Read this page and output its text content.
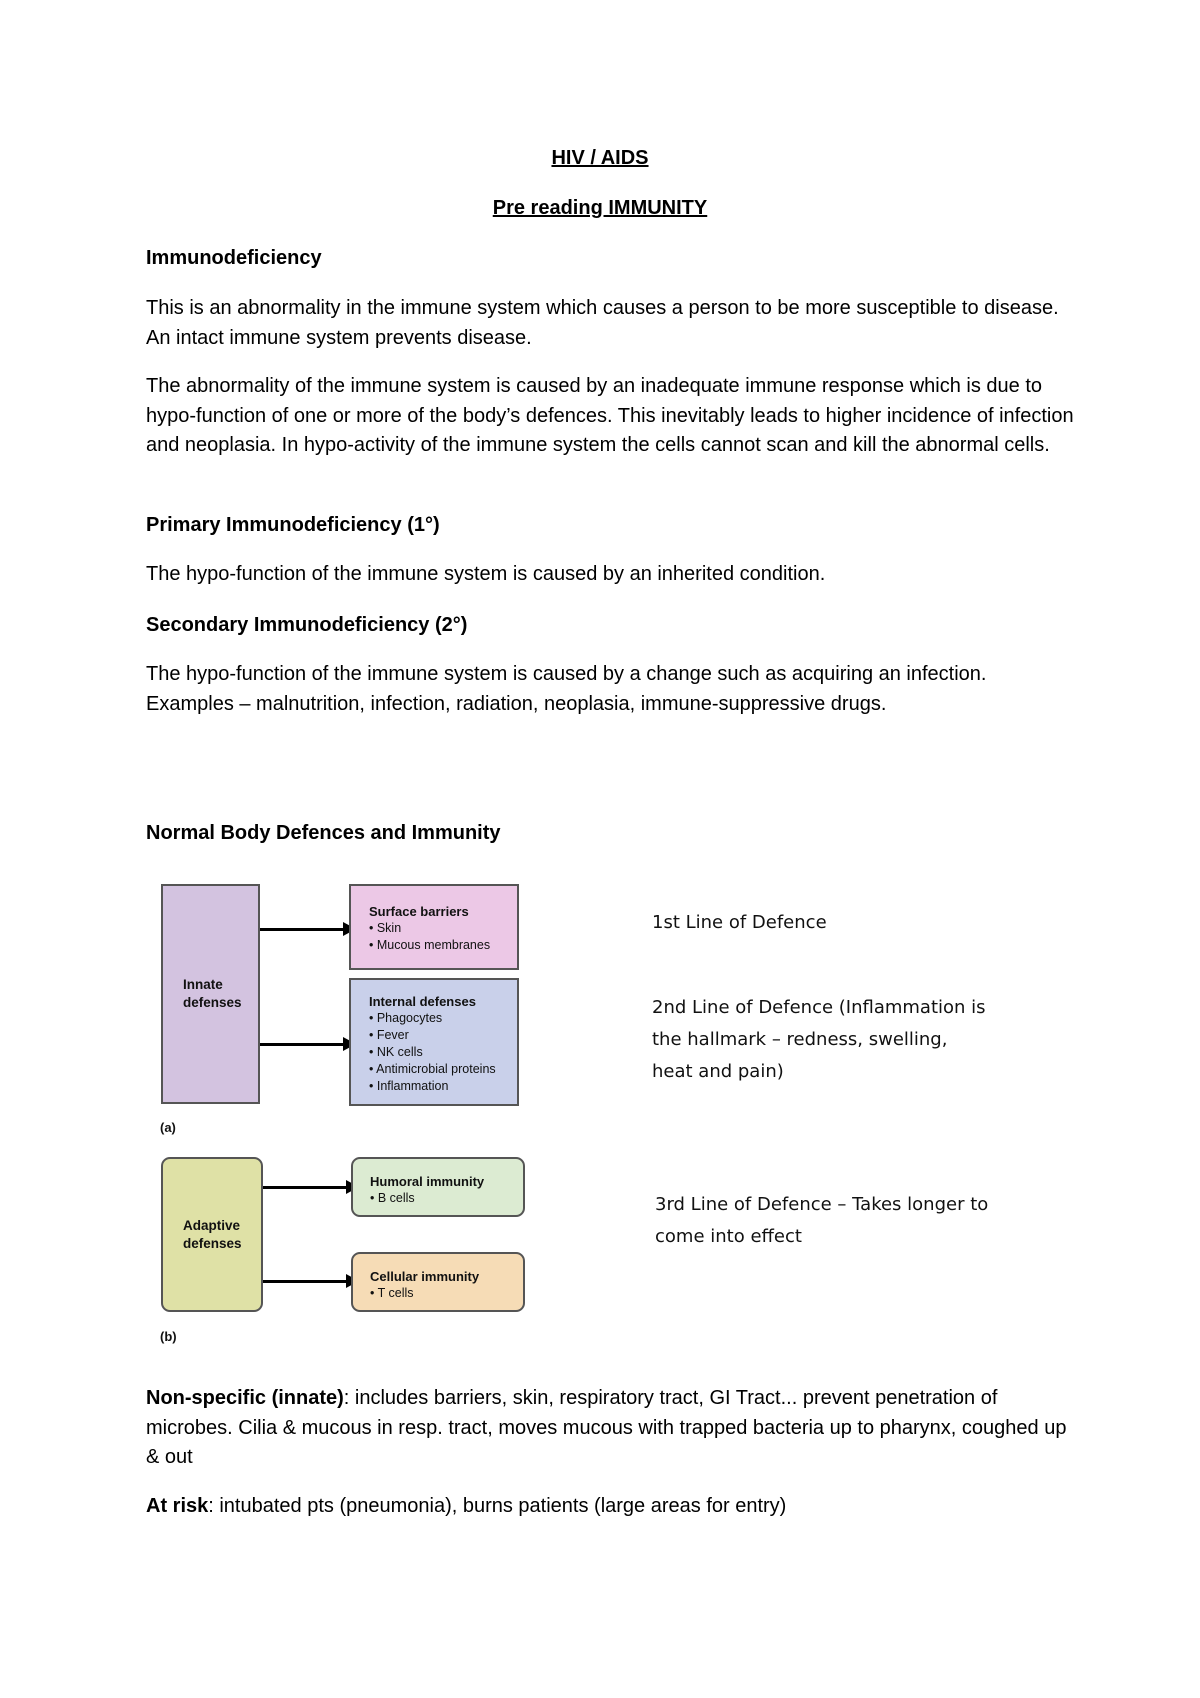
HIV / AIDS
Pre reading IMMUNITY
Immunodeficiency

This is an abnormality in the immune system which causes a person to be more susceptible to disease. An intact immune system prevents disease.

The abnormality of the immune system is caused by an inadequate immune response which is due to hypo-function of one or more of the body’s defences. This inevitably leads to higher incidence of infection and neoplasia. In hypo-activity of the immune system the cells cannot scan and kill the abnormal cells.

Primary Immunodeficiency (1°)

The hypo-function of the immune system is caused by an inherited condition.

Secondary Immunodeficiency (2°)

The hypo-function of the immune system is caused by a change such as acquiring an infection. Examples – malnutrition, infection, radiation, neoplasia, immune-suppressive drugs.

Normal Body Defences and Immunity
Innate
defenses
Surface barriers
• Skin
• Mucous membranes
Internal defenses
• Phagocytes
• Fever
• NK cells
• Antimicrobial proteins
• Inflammation
(a)
Adaptive
defenses
Humoral immunity
• B cells
Cellular immunity
• T cells
(b)
1st Line of Defence
2nd Line of Defence (Inflammation is
the hallmark – redness, swelling,
heat and pain)
3rd Line of Defence – Takes longer to
come into effect

Non-specific (innate): includes barriers, skin, respiratory tract, GI Tract... prevent penetration of microbes. Cilia & mucous in resp. tract, moves mucous with trapped bacteria up to pharynx, coughed up & out

At risk: intubated pts (pneumonia), burns patients (large areas for entry)
